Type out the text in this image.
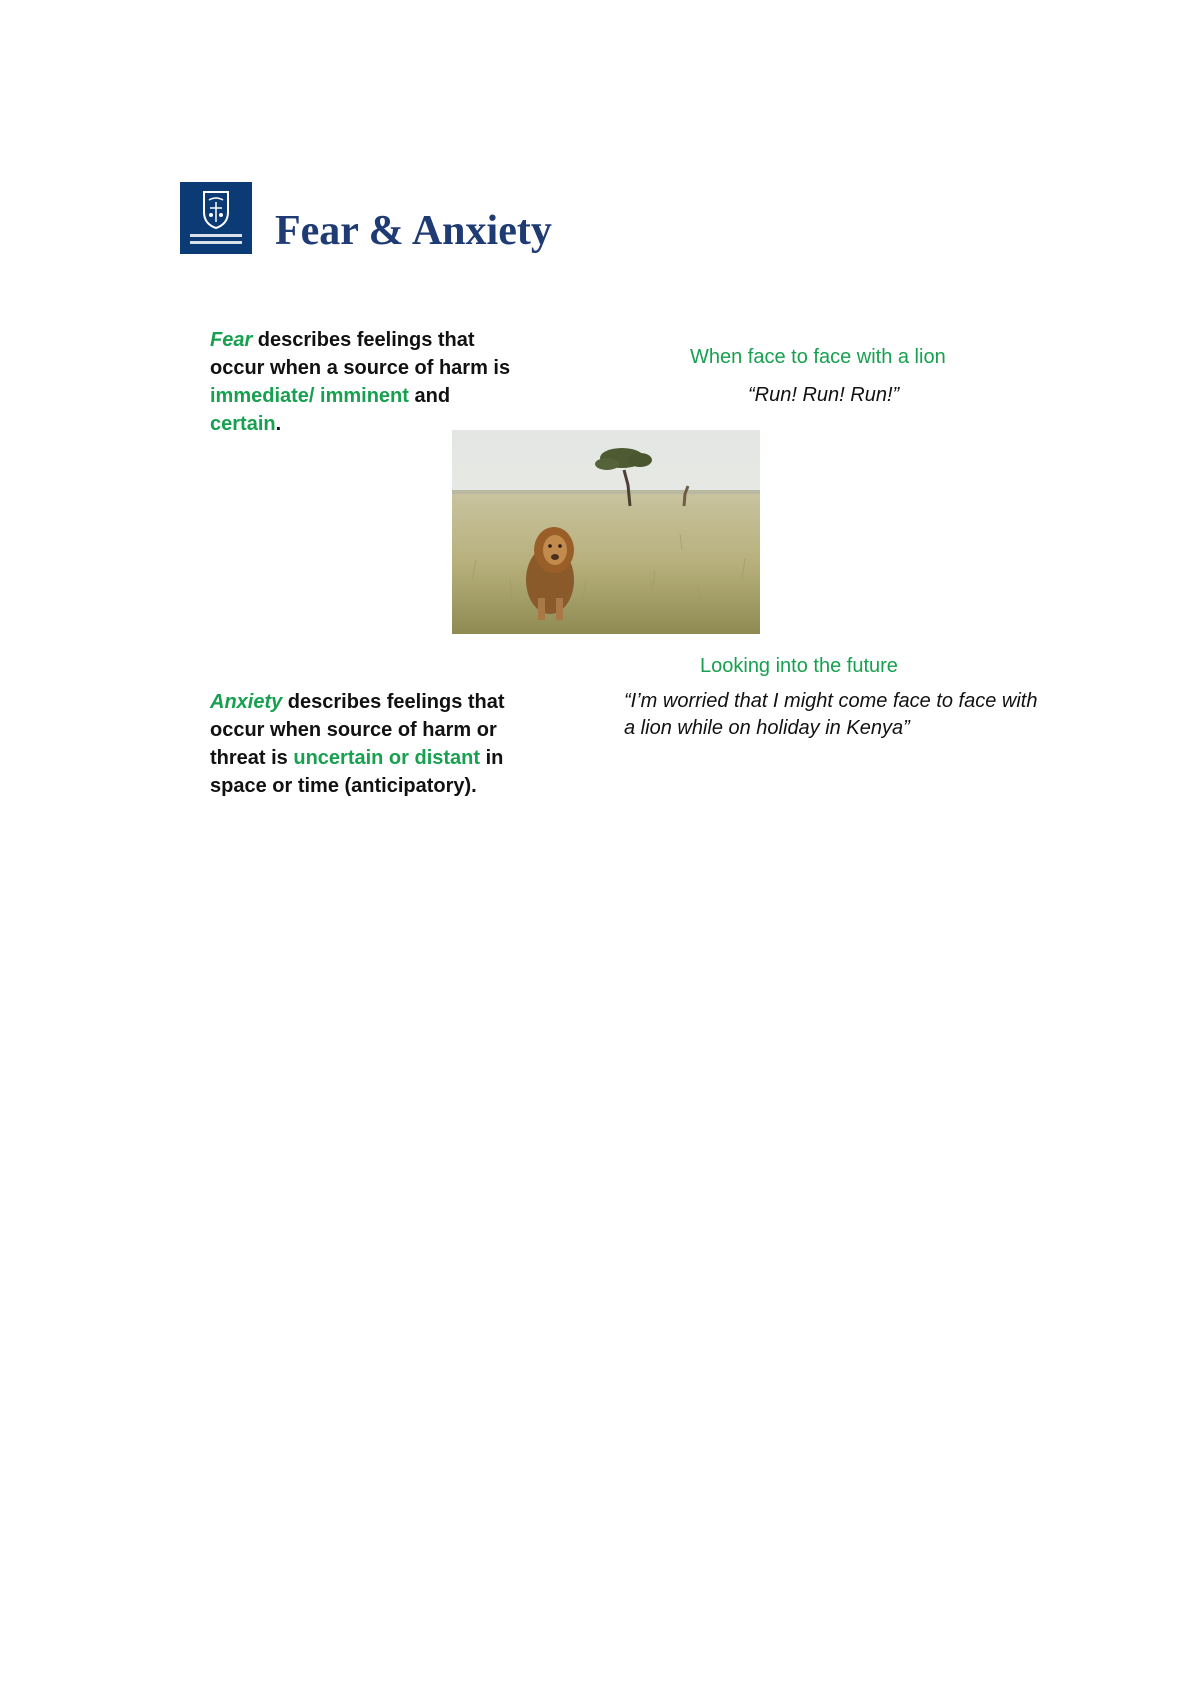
Fear & Anxiety
Fear describes feelings that occur when a source of harm is immediate/ imminent and certain.
When face to face with a lion
“Run! Run! Run!”
Looking into the future
Anxiety describes feelings that occur when source of harm or threat is uncertain or distant in space or time (anticipatory).
“I’m worried that I might come face to face with a lion while on holiday in Kenya”
